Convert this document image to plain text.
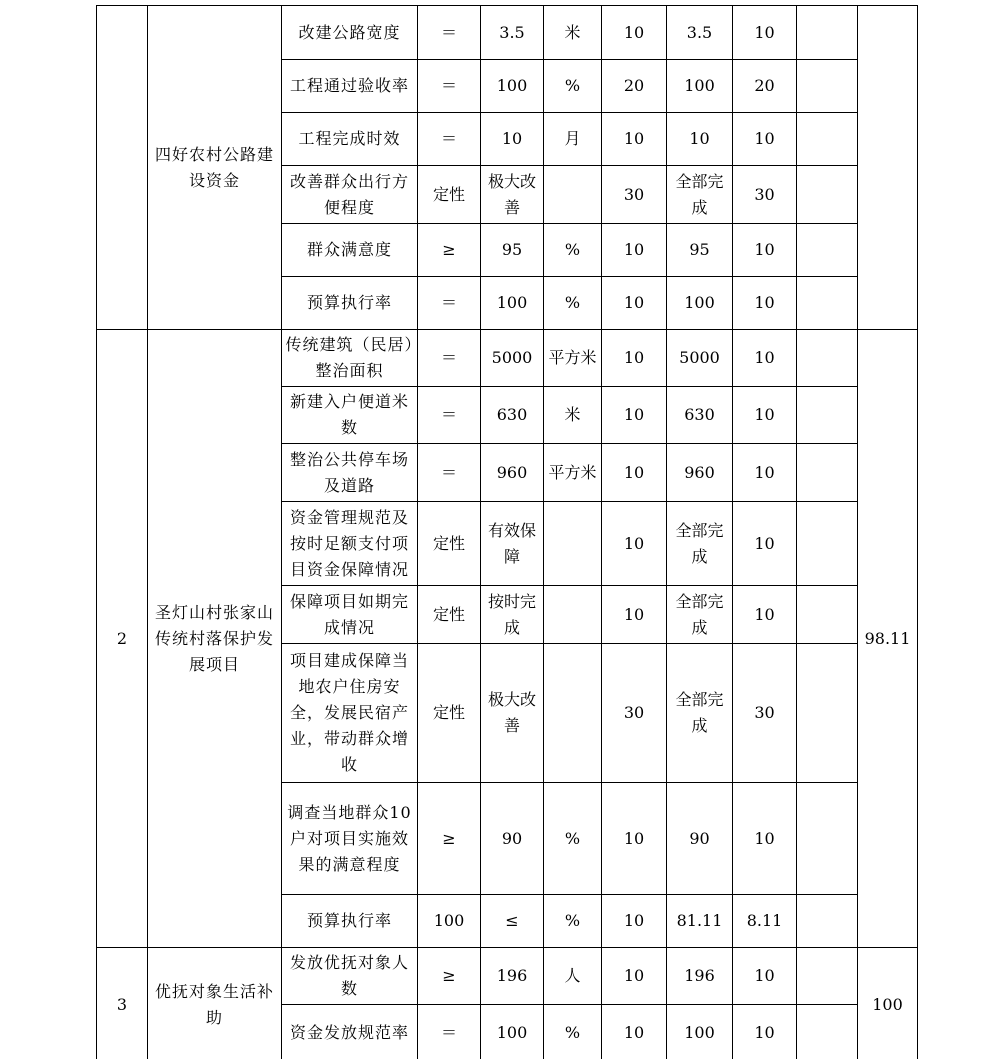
	四好农村公路建设资金	改建公路宽度	＝	3.5	米	10	3.5	10		
		工程通过验收率	＝	100	%	20	100	20		
		工程完成时效	＝	10	月	10	10	10		
		改善群众出行方便程度	定性	极大改善		30	全部完成	30		
		群众满意度	≥	95	%	10	95	10		
		预算执行率	＝	100	%	10	100	10		
2	圣灯山村张家山传统村落保护发展项目	传统建筑（民居）整治面积	＝	5000	平方米	10	5000	10		98.11
		新建入户便道米数	＝	630	米	10	630	10		
		整治公共停车场及道路	＝	960	平方米	10	960	10		
		资金管理规范及按时足额支付项目资金保障情况	定性	有效保障		10	全部完成	10		
		保障项目如期完成情况	定性	按时完成		10	全部完成	10		
		项目建成保障当地农户住房安全，发展民宿产业，带动群众增收	定性	极大改善		30	全部完成	30		
		调查当地群众10户对项目实施效果的满意程度	≥	90	%	10	90	10		
		预算执行率	100	≤	%	10	81.11	8.11		
3	优抚对象生活补助	发放优抚对象人数	≥	196	人	10	196	10		100
		资金发放规范率	＝	100	%	10	100	10		
